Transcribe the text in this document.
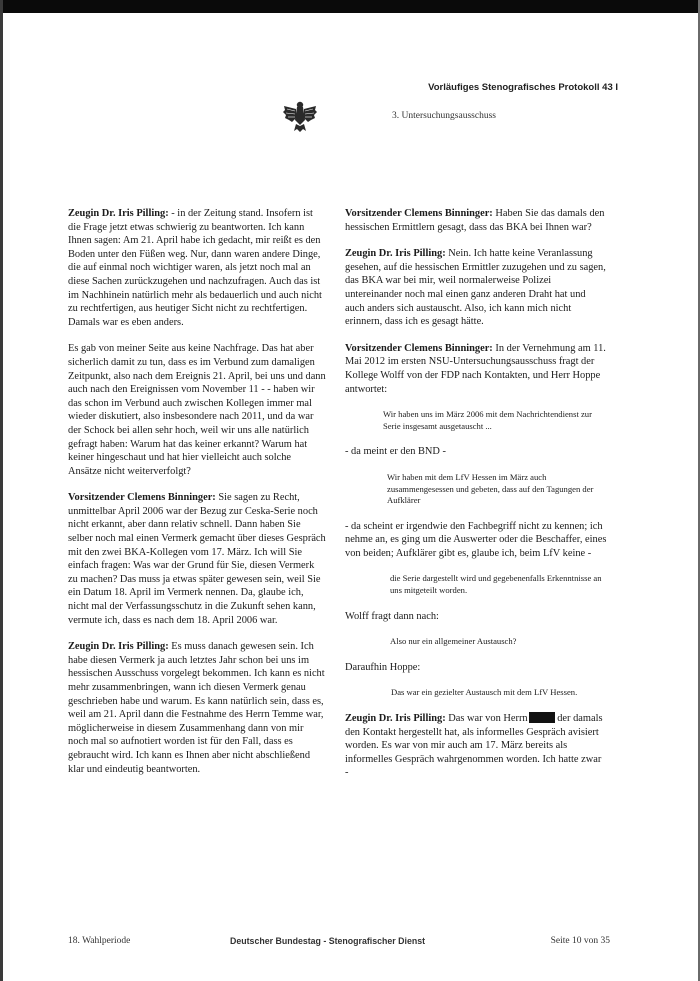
Vorläufiges Stenografisches Protokoll 43 I
3. Untersuchungsausschuss

Zeugin Dr. Iris Pilling: - in der Zeitung stand. Insofern ist die Frage jetzt etwas schwierig zu beantworten. Ich kann Ihnen sagen: Am 21. April habe ich gedacht, mir reißt es den Boden unter den Füßen weg. Nur, dann waren andere Dinge, die auf einmal noch wichtiger waren, als jetzt noch mal an diese Sachen zurückzugehen und nachzufragen. Auch das ist im Nachhinein natürlich mehr als bedauerlich und auch nicht zu rechtfertigen, aus heutiger Sicht nicht zu rechtfertigen. Damals war es eben anders.

Es gab von meiner Seite aus keine Nachfrage. Das hat aber sicherlich damit zu tun, dass es im Verbund zum damaligen Zeitpunkt, also nach dem Ereignis 21. April, bei uns und dann auch nach den Ereignissen vom November 11 - - haben wir das schon im Verbund auch zwischen Kollegen immer mal wieder diskutiert, also insbesondere nach 2011, und da war der Schock bei allen sehr hoch, weil wir uns alle natürlich gefragt haben: Warum hat das keiner erkannt? Warum hat keiner hingeschaut und hat hier vielleicht auch solche Ansätze nicht weiterverfolgt?

Vorsitzender Clemens Binninger: Sie sagen zu Recht, unmittelbar April 2006 war der Bezug zur Ceska-Serie noch nicht erkannt, aber dann relativ schnell. Dann haben Sie selber noch mal einen Vermerk gemacht über dieses Gespräch mit den zwei BKA-Kollegen vom 17. März. Ich will Sie einfach fragen: Was war der Grund für Sie, diesen Vermerk zu machen? Das muss ja etwas später gewesen sein, weil Sie ein Datum 18. April im Vermerk nennen. Da, glaube ich, nicht mal der Verfassungsschutz in die Zukunft sehen kann, vermute ich, dass es nach dem 18. April 2006 war.

Zeugin Dr. Iris Pilling: Es muss danach gewesen sein. Ich habe diesen Vermerk ja auch letztes Jahr schon bei uns im hessischen Ausschuss vorgelegt bekommen. Ich kann es nicht mehr zusammenbringen, wann ich diesen Vermerk genau geschrieben habe und warum. Es kann natürlich sein, dass es, weil am 21. April dann die Festnahme des Herrn Temme war, möglicherweise in diesem Zusammenhang dann von mir noch mal so aufnotiert worden ist für den Fall, dass es gebraucht wird. Ich kann es Ihnen aber nicht abschließend klar und eindeutig beantworten.

Vorsitzender Clemens Binninger: Haben Sie das damals den hessischen Ermittlern gesagt, dass das BKA bei Ihnen war?

Zeugin Dr. Iris Pilling: Nein. Ich hatte keine Veranlassung gesehen, auf die hessischen Ermittler zuzugehen und zu sagen, das BKA war bei mir, weil normalerweise Polizei untereinander noch mal einen ganz anderen Draht hat und auch anders sich austauscht. Also, ich kann mich nicht erinnern, dass ich es gesagt hätte.

Vorsitzender Clemens Binninger: In der Vernehmung am 11. Mai 2012 im ersten NSU-Untersuchungsausschuss fragt der Kollege Wolff von der FDP nach Kontakten, und Herr Hoppe antwortet:

Wir haben uns im März 2006 mit dem Nachrichtendienst zur Serie insgesamt ausgetauscht ...

- da meint er den BND -

Wir haben mit dem LfV Hessen im März auch zusammengesessen und gebeten, dass auf den Tagungen der Aufklärer

- da scheint er irgendwie den Fachbegriff nicht zu kennen; ich nehme an, es ging um die Auswerter oder die Beschaffer, eines von beiden; Aufklärer gibt es, glaube ich, beim LfV keine -

die Serie dargestellt wird und gegebenenfalls Erkenntnisse an uns mitgeteilt worden.

Wolff fragt dann nach:

Also nur ein allgemeiner Austausch?

Daraufhin Hoppe:

Das war ein gezielter Austausch mit dem LfV Hessen.

Zeugin Dr. Iris Pilling: Das war von Herrn	der damals den Kontakt hergestellt hat, als informelles Gespräch avisiert worden. Es war von mir auch am 17. März bereits als informelles Gespräch wahrgenommen worden. Ich hatte zwar -

18. Wahlperiode	Deutscher Bundestag - Stenografischer Dienst	Seite 10 von 35
